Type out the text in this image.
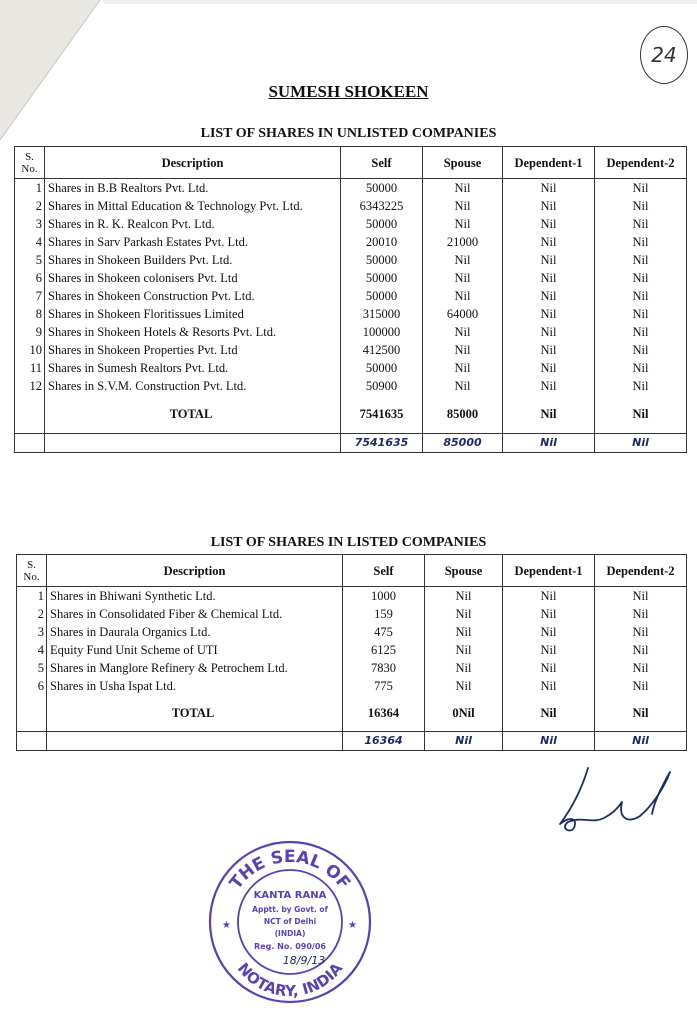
24
SUMESH SHOKEEN
LIST OF SHARES IN UNLISTED COMPANIES
S. No.	Description	Self	Spouse	Dependent-1	Dependent-2
1	Shares in B.B Realtors Pvt. Ltd.	50000	Nil	Nil	Nil
2	Shares in Mittal Education & Technology Pvt. Ltd.	6343225	Nil	Nil	Nil
3	Shares in R. K. Realcon Pvt. Ltd.	50000	Nil	Nil	Nil
4	Shares in Sarv Parkash Estates Pvt. Ltd.	20010	21000	Nil	Nil
5	Shares in Shokeen Builders Pvt. Ltd.	50000	Nil	Nil	Nil
6	Shares in Shokeen colonisers Pvt. Ltd	50000	Nil	Nil	Nil
7	Shares in Shokeen Construction Pvt. Ltd.	50000	Nil	Nil	Nil
8	Shares in Shokeen Floritissues Limited	315000	64000	Nil	Nil
9	Shares in Shokeen Hotels & Resorts Pvt. Ltd.	100000	Nil	Nil	Nil
10	Shares in Shokeen Properties Pvt. Ltd	412500	Nil	Nil	Nil
11	Shares in Sumesh Realtors Pvt. Ltd.	50000	Nil	Nil	Nil
12	Shares in S.V.M. Construction Pvt. Ltd.	50900	Nil	Nil	Nil
	TOTAL	7541635	85000	Nil	Nil
		7541635	85000	Nil	Nil
LIST OF SHARES IN LISTED COMPANIES
S. No.	Description	Self	Spouse	Dependent-1	Dependent-2
1	Shares in Bhiwani Synthetic Ltd.	1000	Nil	Nil	Nil
2	Shares in Consolidated Fiber & Chemical Ltd.	159	Nil	Nil	Nil
3	Shares in Daurala Organics Ltd.	475	Nil	Nil	Nil
4	Equity Fund Unit Scheme of UTI	6125	Nil	Nil	Nil
5	Shares in Manglore Refinery & Petrochem Ltd.	7830	Nil	Nil	Nil
6	Shares in Usha Ispat Ltd.	775	Nil	Nil	Nil
	TOTAL	16364	0Nil	Nil	Nil
		16364	Nil	Nil	Nil
THE SEAL OF
NOTARY, INDIA
★	★
KANTA RANA
Apptt. by Govt. of
NCT of Delhi
(INDIA)
Reg. No. 090/06
18/9/13
